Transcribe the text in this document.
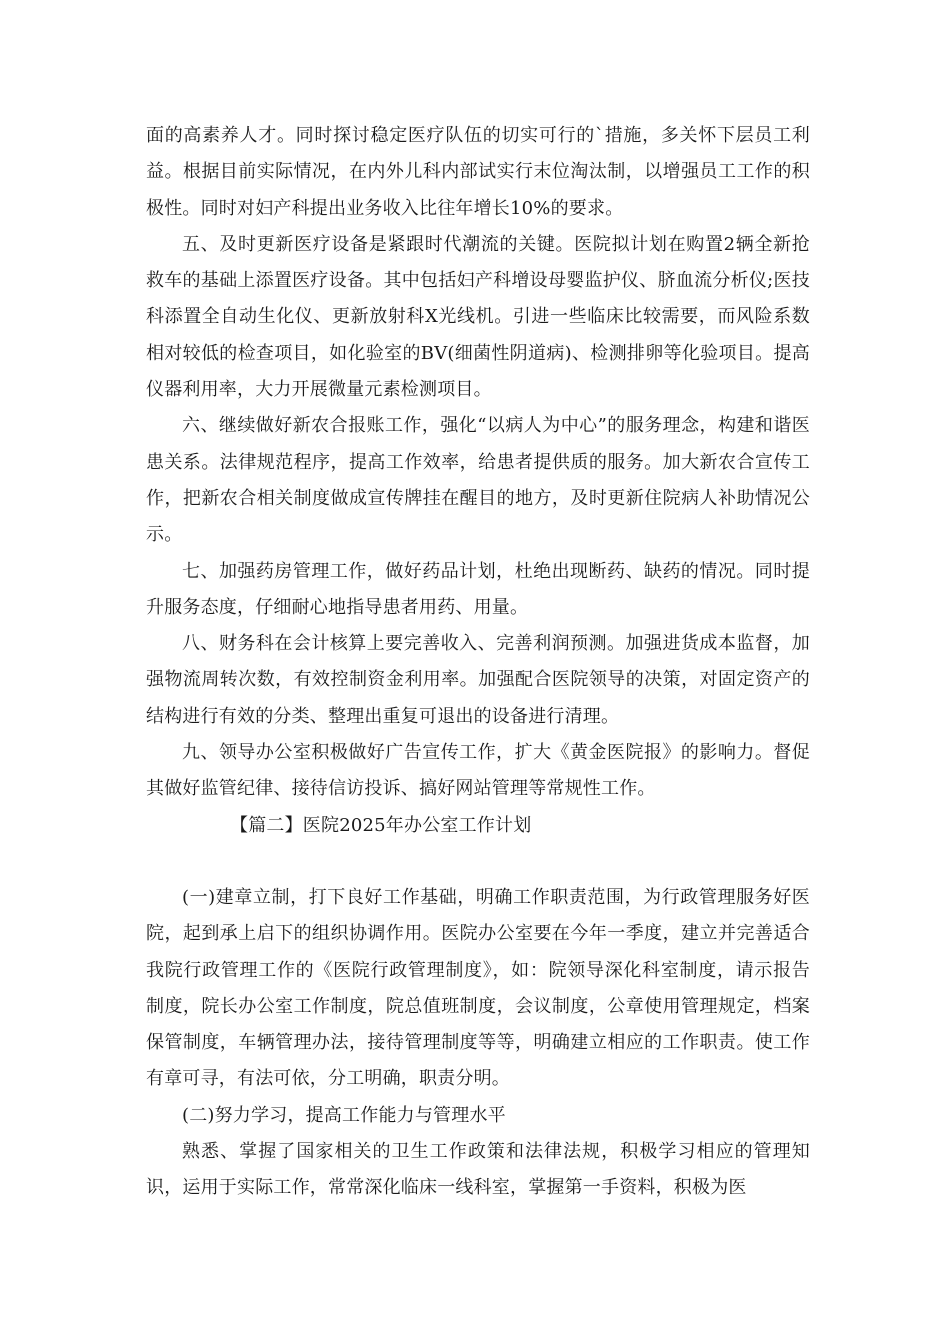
面的高素养人才。同时探讨稳定医疗队伍的切实可行的`措施，多关怀下层员工利益。根据目前实际情况，在内外儿科内部试实行末位淘汰制，以增强员工工作的积极性。同时对妇产科提出业务收入比往年增长10%的要求。

五、及时更新医疗设备是紧跟时代潮流的关键。医院拟计划在购置2辆全新抢救车的基础上添置医疗设备。其中包括妇产科增设母婴监护仪、脐血流分析仪;医技科添置全自动生化仪、更新放射科X光线机。引进一些临床比较需要，而风险系数相对较低的检查项目，如化验室的BV(细菌性阴道病)、检测排卵等化验项目。提高仪器利用率，大力开展微量元素检测项目。

六、继续做好新农合报账工作，强化“以病人为中心”的服务理念，构建和谐医患关系。法律规范程序，提高工作效率，给患者提供质的服务。加大新农合宣传工作，把新农合相关制度做成宣传牌挂在醒目的地方，及时更新住院病人补助情况公示。

七、加强药房管理工作，做好药品计划，杜绝出现断药、缺药的情况。同时提升服务态度，仔细耐心地指导患者用药、用量。

八、财务科在会计核算上要完善收入、完善利润预测。加强进货成本监督，加强物流周转次数，有效控制资金利用率。加强配合医院领导的决策，对固定资产的结构进行有效的分类、整理出重复可退出的设备进行清理。

九、领导办公室积极做好广告宣传工作，扩大《黄金医院报》的影响力。督促其做好监管纪律、接待信访投诉、搞好网站管理等常规性工作。

【篇二】医院2025年办公室工作计划

(一)建章立制，打下良好工作基础，明确工作职责范围，为行政管理服务好医院，起到承上启下的组织协调作用。医院办公室要在今年一季度，建立并完善适合我院行政管理工作的《医院行政管理制度》，如：院领导深化科室制度，请示报告制度，院长办公室工作制度，院总值班制度，会议制度，公章使用管理规定，档案保管制度，车辆管理办法，接待管理制度等等，明确建立相应的工作职责。使工作有章可寻，有法可依，分工明确，职责分明。

(二)努力学习，提高工作能力与管理水平

熟悉、掌握了国家相关的卫生工作政策和法律法规，积极学习相应的管理知识，运用于实际工作，常常深化临床一线科室，掌握第一手资料，积极为医
